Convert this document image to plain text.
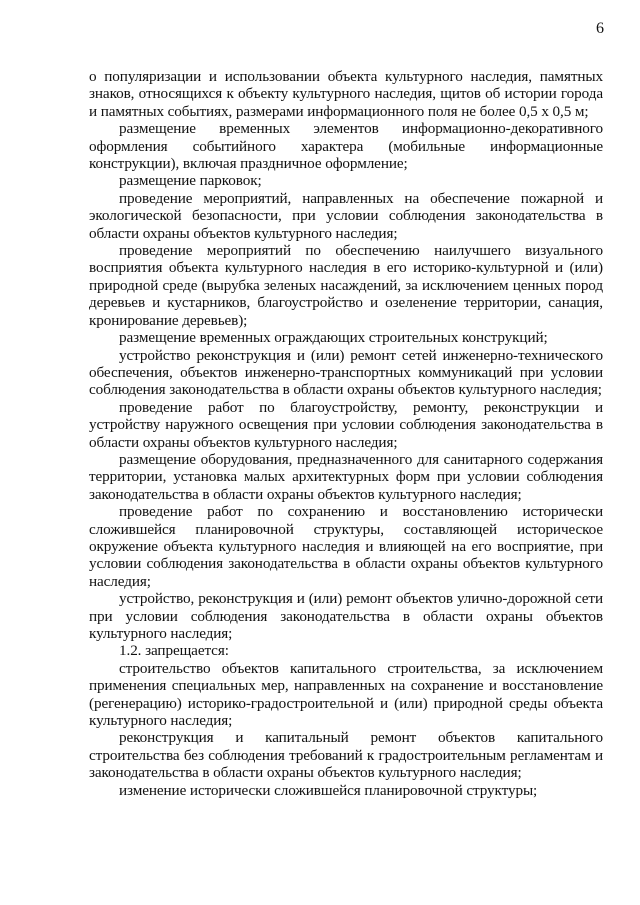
6

о популяризации и использовании объекта культурного наследия, памятных знаков, относящихся к объекту культурного наследия, щитов об истории города и памятных событиях, размерами информационного поля не более 0,5 х 0,5 м;

размещение временных элементов информационно-декоративного оформления событийного характера (мобильные информационные конструкции), включая праздничное оформление;

размещение парковок;

проведение мероприятий, направленных на обеспечение пожарной и экологической безопасности, при условии соблюдения законодательства в области охраны объектов культурного наследия;

проведение мероприятий по обеспечению наилучшего визуального восприятия объекта культурного наследия в его историко-культурной и (или) природной среде (вырубка зеленых насаждений, за исключением ценных пород деревьев и кустарников, благоустройство и озеленение территории, санация, кронирование деревьев);

размещение временных ограждающих строительных конструкций;

устройство реконструкция и (или) ремонт сетей инженерно-технического обеспечения, объектов инженерно-транспортных коммуникаций при условии соблюдения законодательства в области охраны объектов культурного наследия;

проведение работ по благоустройству, ремонту, реконструкции и устройству наружного освещения при условии соблюдения законодательства в области охраны объектов культурного наследия;

размещение оборудования, предназначенного для санитарного содержания территории, установка малых архитектурных форм при условии соблюдения законодательства в области охраны объектов культурного наследия;

проведение работ по сохранению и восстановлению исторически сложившейся планировочной структуры, составляющей историческое окружение объекта культурного наследия и влияющей на его восприятие, при условии соблюдения законодательства в области охраны объектов культурного наследия;

устройство, реконструкция и (или) ремонт объектов улично-дорожной сети при условии соблюдения законодательства в области охраны объектов культурного наследия;

1.2. запрещается:

строительство объектов капитального строительства, за исключением применения специальных мер, направленных на сохранение и восстановление (регенерацию) историко-градостроительной и (или) природной среды объекта культурного наследия;

реконструкция и капитальный ремонт объектов капитального строительства без соблюдения требований к градостроительным регламентам и законодательства в области охраны объектов культурного наследия;

изменение исторически сложившейся планировочной структуры;
